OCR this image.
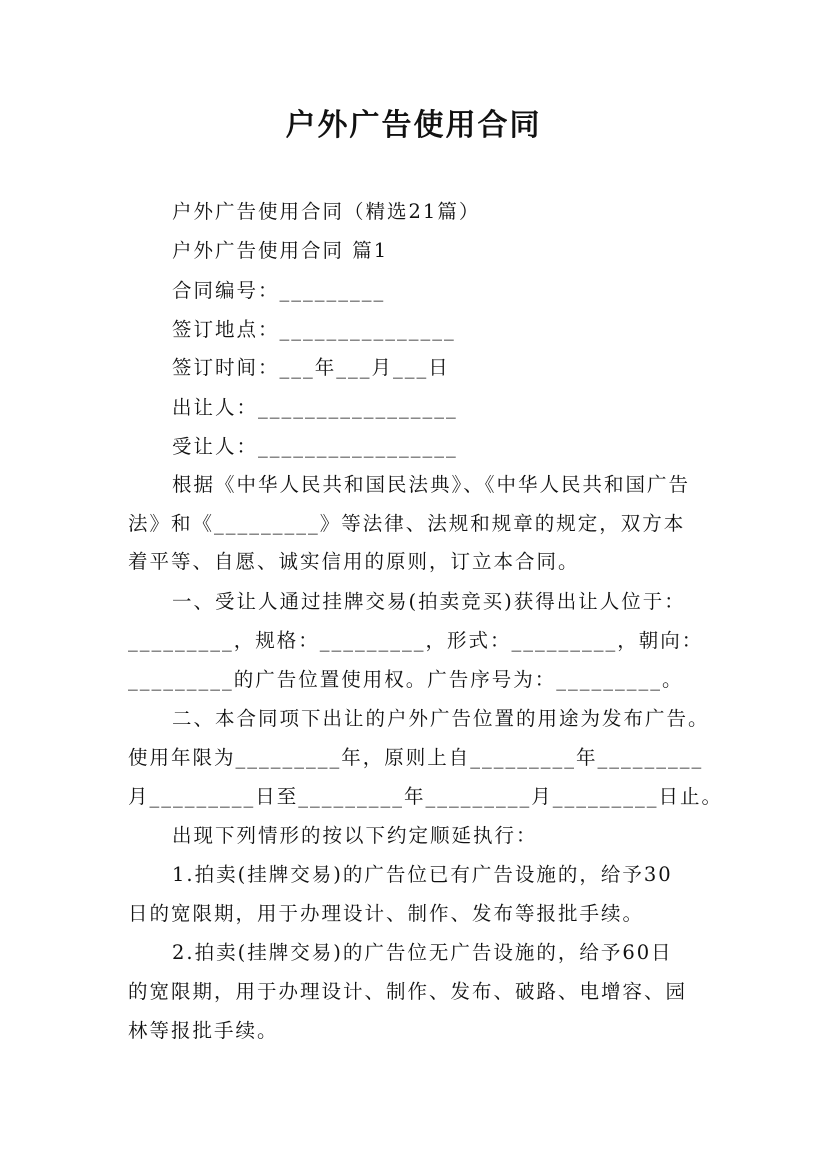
户外广告使用合同
户外广告使用合同（精选21篇）
户外广告使用合同 篇1
合同编号：_________
签订地点：_______________
签订时间：___年___月___日
出让人：_________________
受让人：_________________
根据《中华人民共和国民法典》、《中华人民共和国广告
法》和《_________》等法律、法规和规章的规定，双方本
着平等、自愿、诚实信用的原则，订立本合同。
一、受让人通过挂牌交易(拍卖竞买)获得出让人位于：
_________，规格：_________，形式：_________，朝向：
_________的广告位置使用权。广告序号为：_________。
二、本合同项下出让的户外广告位置的用途为发布广告。
使用年限为_________年，原则上自_________年_________
月_________日至_________年_________月_________日止。
出现下列情形的按以下约定顺延执行：
1.拍卖(挂牌交易)的广告位已有广告设施的，给予30
日的宽限期，用于办理设计、制作、发布等报批手续。
2.拍卖(挂牌交易)的广告位无广告设施的，给予60日
的宽限期，用于办理设计、制作、发布、破路、电增容、园
林等报批手续。
